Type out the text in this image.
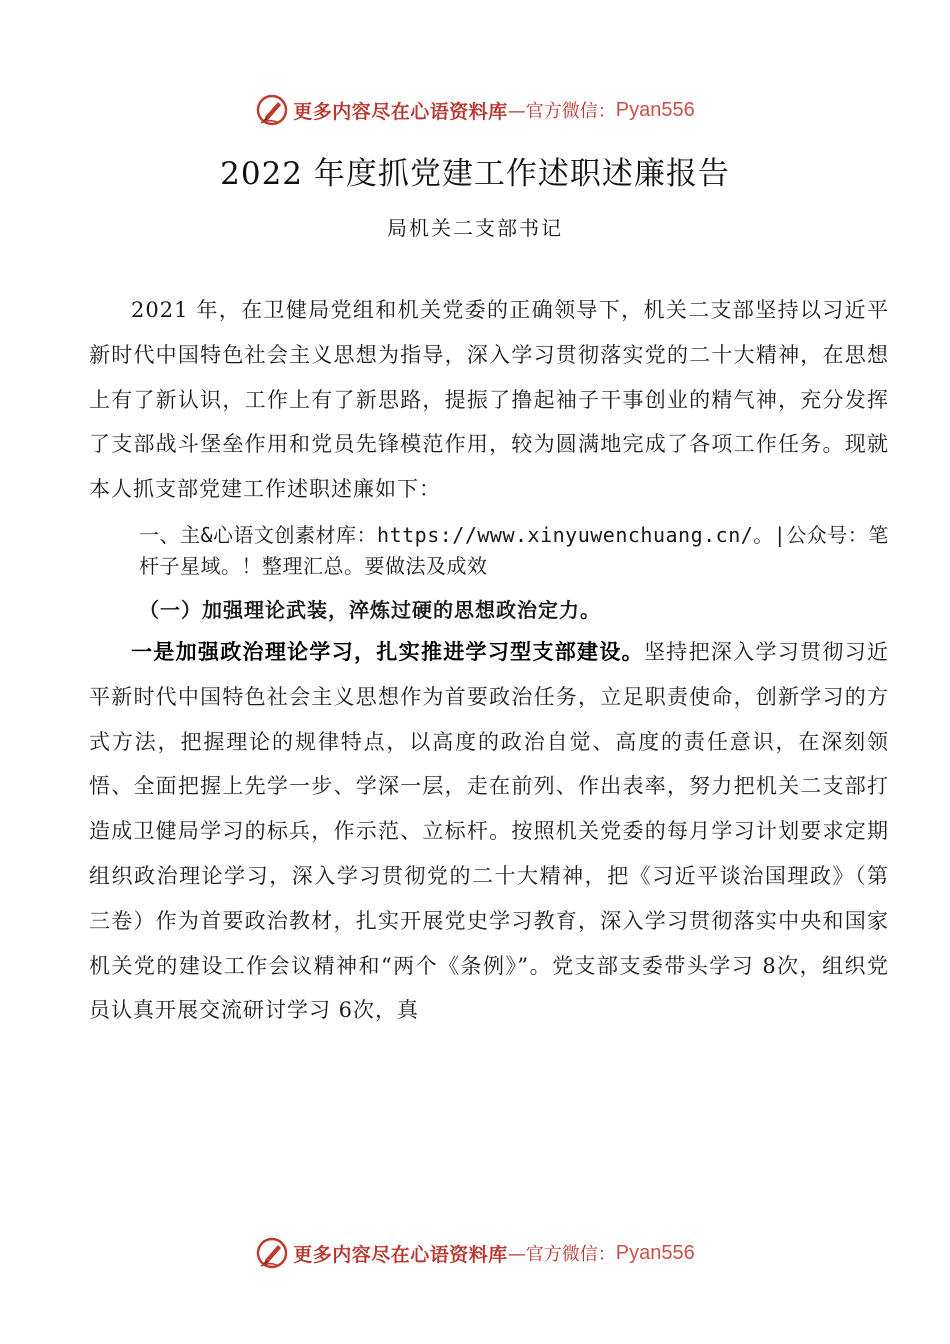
更多内容尽在心语资料库 —官方微信： Pyan556
2022 年度抓党建工作述职述廉报告
局机关二支部书记

2021 年，在卫健局党组和机关党委的正确领导下，机关二支部坚持以习近平新时代中国特色社会主义思想为指导，深入学习贯彻落实党的二十大精神，在思想上有了新认识，工作上有了新思路，提振了撸起袖子干事创业的精气神，充分发挥了支部战斗堡垒作用和党员先锋模范作用，较为圆满地完成了各项工作任务。现就本人抓支部党建工作述职述廉如下：

一、主&心语文创素材库：https://www.xinyuwenchuang.cn/。|公众号：笔杆子星域。！整理汇总。要做法及成效

（一）加强理论武装，淬炼过硬的思想政治定力。

一是加强政治理论学习，扎实推进学习型支部建设。坚持把深入学习贯彻习近平新时代中国特色社会主义思想作为首要政治任务，立足职责使命，创新学习的方式方法，把握理论的规律特点，以高度的政治自觉、高度的责任意识，在深刻领悟、全面把握上先学一步、学深一层，走在前列、作出表率，努力把机关二支部打造成卫健局学习的标兵，作示范、立标杆。按照机关党委的每月学习计划要求定期组织政治理论学习，深入学习贯彻党的二十大精神，把《习近平谈治国理政》（第三卷）作为首要政治教材，扎实开展党史学习教育，深入学习贯彻落实中央和国家机关党的建设工作会议精神和“两个《条例》”。党支部支委带头学习 8次，组织党员认真开展交流研讨学习 6次，真

更多内容尽在心语资料库 —官方微信： Pyan556
